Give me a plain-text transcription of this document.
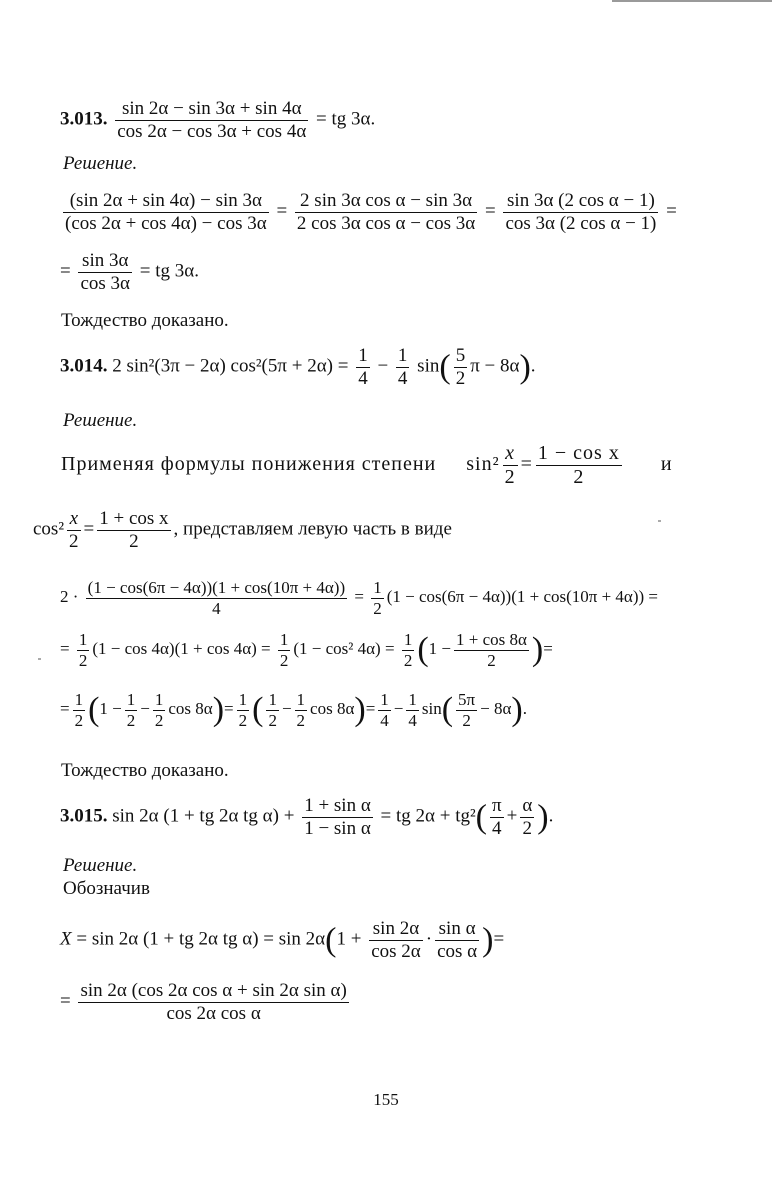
3.013. $\frac{\sin 2\alpha - \sin 3\alpha + \sin 4\alpha}{\cos 2\alpha - \cos 3\alpha + \cos 4\alpha}$ = tg 3α.
Решение.
$\frac{(\sin 2\alpha + \sin 4\alpha) - \sin 3\alpha}{(\cos 2\alpha + \cos 4\alpha) - \cos 3\alpha} = \frac{\text{2 sin 3α cos α − sin 3α}}{\text{2 cos 3α cos α − cos 3α}} = \frac{\text{sin 3α (2 cos α − 1)}}{\text{cos 3α (2 cos α − 1)}}$ =
= $\frac{\sin 3\alpha}{\cos 3\alpha}$ = tg 3α.
Тождество доказано.
3.014. 2 sin²(3π − 2α) $\cos^2(5\pi + 2\alpha) = \frac{1}{4} - \frac{1}{4} \sin( \frac{5}{2}$ π − 8α).
Решение.
Применяя формулы понижения степени $\sin^2 \frac{x}{2} = \frac{\text{1 − cos x}}{2}$ и
$\cos^2 \frac{x}{2} = \frac{\text{1 + cos x}}{2}$ , представляем левую часть в виде
$2 \cdot \frac{(1 - \cos(6\pi - 4\alpha))(1 + \cos(10\pi + 4\alpha))}{4} = \frac{1}{2} (1 - \cos(6\pi - 4\alpha))(1 + \cos(10\pi + 4\alpha))$ =
= $\frac{1}{2} (1 - \cos 4\alpha)(1 + \cos 4\alpha) = \frac{1}{2} (1 - \cos^2$ $4\alpha) = \frac{1}{2} (1 - \frac{1 + \cos 8\alpha}{2}$ )=
= $\frac{1}{2} (1 - \frac{1}{2} - \frac{1}{2}$ $\cos 8\alpha)= \frac{1}{2}$ ( $\frac{1}{2} - \frac{1}{2}$ $\cos 8\alpha)= \frac{1}{4} - \frac{1}{4} \sin( \frac{5\pi}{2} - 8\alpha)$.
Тождество доказано.
3.015. sin 2α (1 + tg 2α tg $\alpha) + \frac{\text{1 + sin α}}{\text{1 − sin α}}$ = tg $2\alpha + tg^2( \frac{\pi}{4} + \frac{\alpha}{2}$ ).
Решение.
Обозначив
X = sin 2α (1 + tg 2α tg $\alpha) = \sin 2\alpha(1 + \frac{\sin 2\alpha}{\cos 2\alpha} \cdot \frac{\text{sin α}}{\text{cos α}}$ )=
= $\frac{\text{sin 2α (cos 2α cos α + sin 2α sin α)}}{\text{cos 2α cos α}}$
155
